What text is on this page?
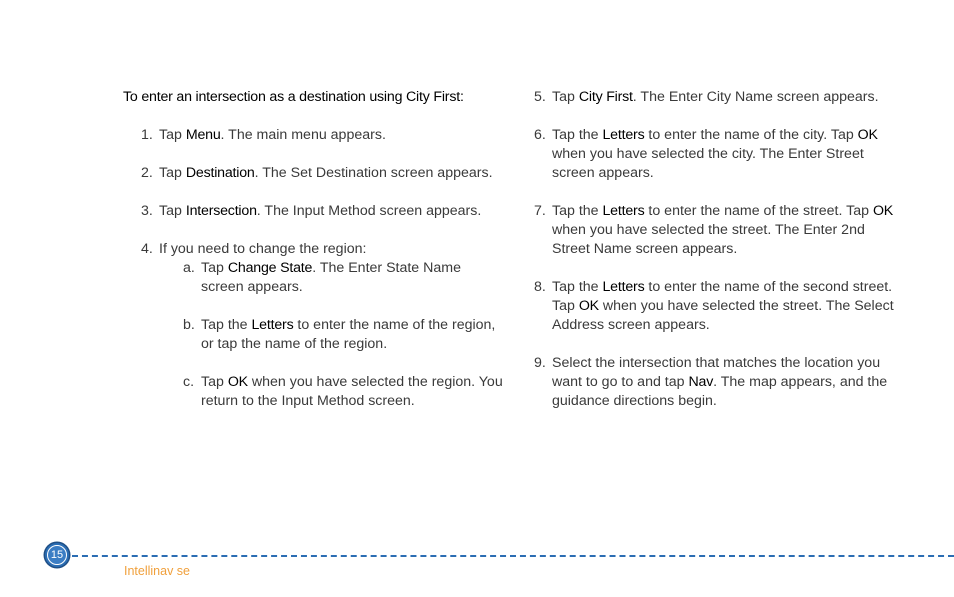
To enter an intersection as a destination using City First:
1. Tap Menu. The main menu appears.
2. Tap Destination. The Set Destination screen appears.
3. Tap Intersection. The Input Method screen appears.
4. If you need to change the region:
a. Tap Change State. The Enter State Name screen appears.
b. Tap the Letters to enter the name of the region, or tap the name of the region.
c. Tap OK when you have selected the region. You return to the Input Method screen.
5. Tap City First. The Enter City Name screen appears.
6. Tap the Letters to enter the name of the city. Tap OK when you have selected the city. The Enter Street screen appears.
7. Tap the Letters to enter the name of the street. Tap OK when you have selected the street. The Enter 2nd Street Name screen appears.
8. Tap the Letters to enter the name of the second street. Tap OK when you have selected the street. The Select Address screen appears.
9. Select the intersection that matches the location you want to go to and tap Nav. The map appears, and the guidance directions begin.
15
Intellinav se
